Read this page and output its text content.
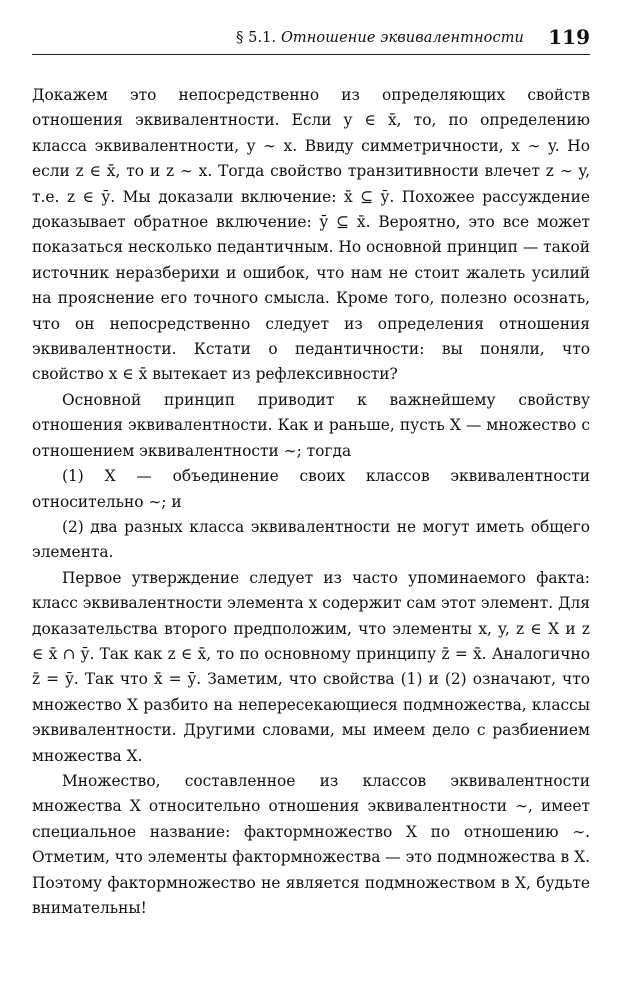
§ 5.1. Отношение эквивалентности 119

Докажем это непосредственно из определяющих свойств отношения эквивалентности. Если y ∈ x̄, то, по определению класса эквивалентности, y ∼ x. Ввиду симметричности, x ∼ y. Но если z ∈ x̄, то и z ∼ x. Тогда свойство транзитивности влечет z ∼ y, т.е. z ∈ ȳ. Мы доказали включение: x̄ ⊆ ȳ. Похожее рассуждение доказывает обратное включение: ȳ ⊆ x̄. Вероятно, это все может показаться несколько педантичным. Но основной принцип — такой источник неразберихи и ошибок, что нам не стоит жалеть усилий на прояснение его точного смысла. Кроме того, полезно осознать, что он непосредственно следует из определения отношения эквивалентности. Кстати о педантичности: вы поняли, что свойство x ∈ x̄ вытекает из рефлексивности?

Основной принцип приводит к важнейшему свойству отношения эквивалентности. Как и раньше, пусть X — множество с отношением эквивалентности ∼; тогда

(1) X — объединение своих классов эквивалентности относительно ∼; и

(2) два разных класса эквивалентности не могут иметь общего элемента.

Первое утверждение следует из часто упоминаемого факта: класс эквивалентности элемента x содержит сам этот элемент. Для доказательства второго предположим, что элементы x, y, z ∈ X и z ∈ x̄ ∩ ȳ. Так как z ∈ x̄, то по основному принципу z̄ = x̄. Аналогично z̄ = ȳ. Так что x̄ = ȳ. Заметим, что свойства (1) и (2) означают, что множество X разбито на непересекающиеся подмножества, классы эквивалентности. Другими словами, мы имеем дело с разбиением множества X.

Множество, составленное из классов эквивалентности множества X относительно отношения эквивалентности ∼, имеет специальное название: фактормножество X по отношению ∼. Отметим, что элементы фактормножества — это подмножества в X. Поэтому фактормножество не является подмножеством в X, будьте внимательны!
